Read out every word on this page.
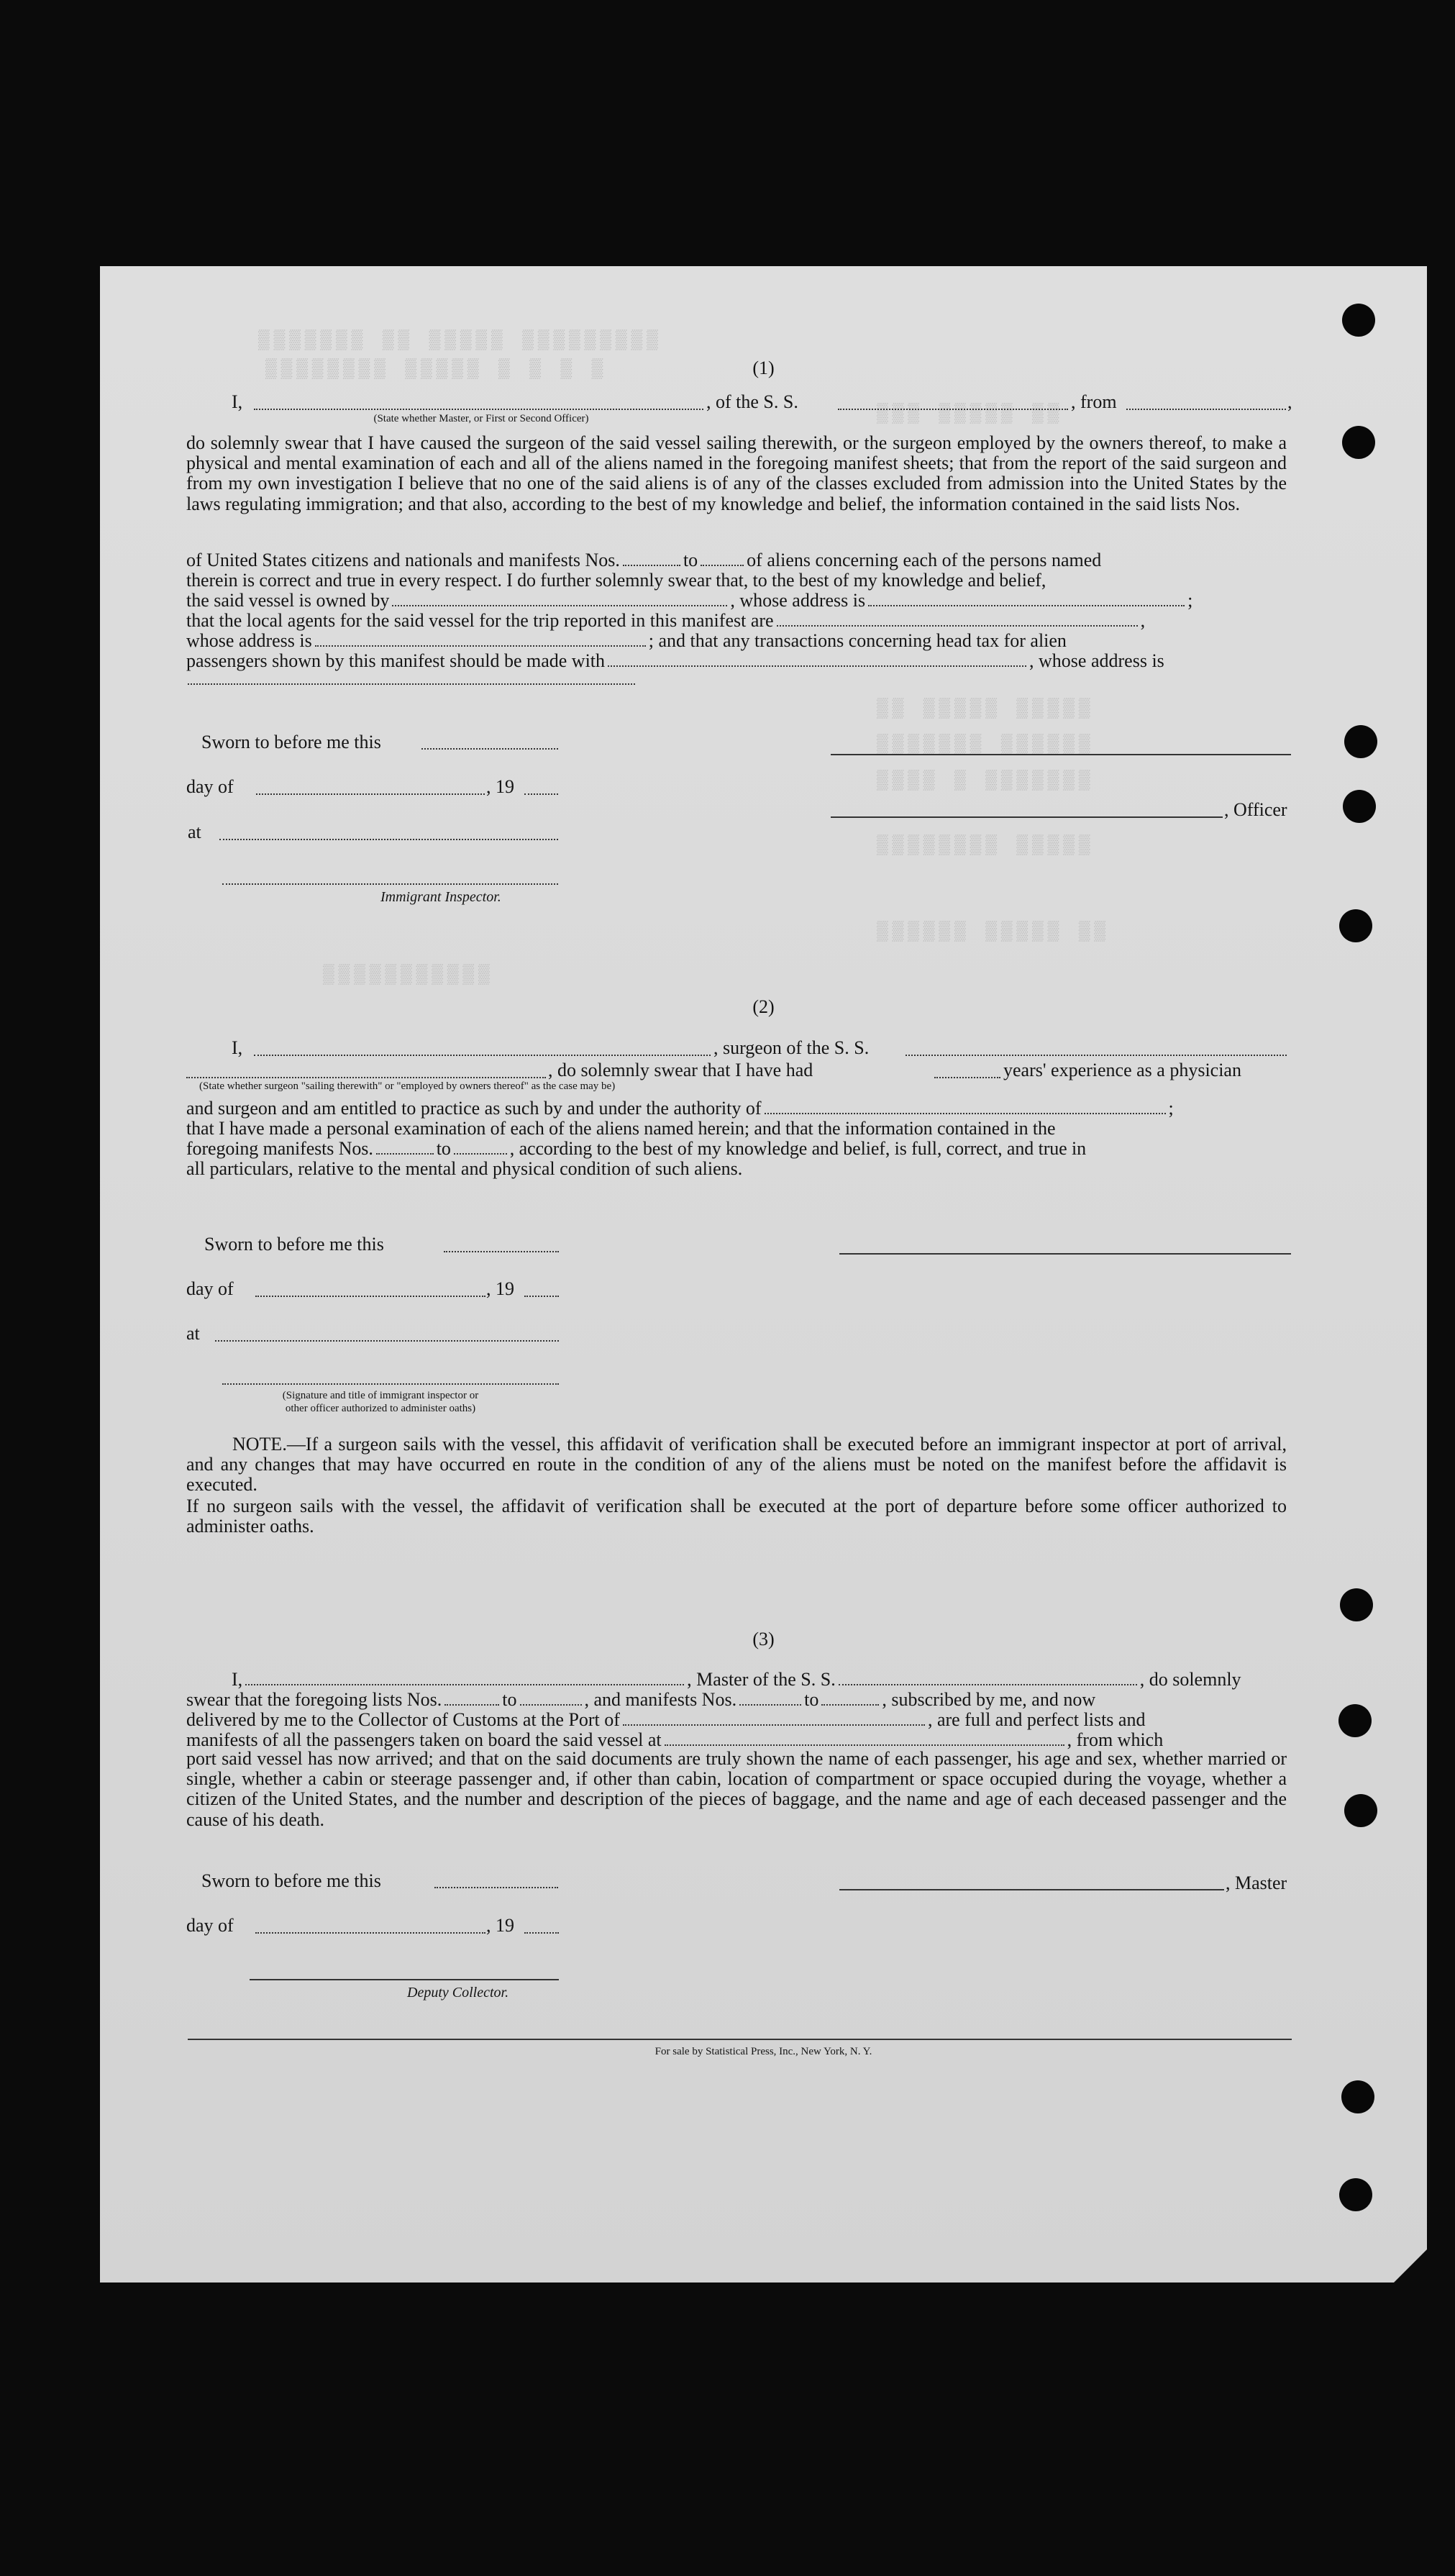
▒▒▒▒▒▒▒ ▒▒ ▒▒▒▒▒ ▒▒▒▒▒▒▒▒▒
▒▒▒▒▒▒▒▒ ▒▒▒▒▒ ▒ ▒ ▒ ▒
▒▒▒ ▒▒▒▒▒ ▒▒
▒▒ ▒▒▒▒▒ ▒▒▒▒▒
▒▒▒▒▒▒▒ ▒▒▒▒▒▒
▒▒▒▒ ▒ ▒▒▒▒▒▒▒
▒▒▒▒▒▒▒▒ ▒▒▒▒▒
▒▒▒▒▒▒ ▒▒▒▒▒ ▒▒
▒▒▒▒▒▒▒▒▒▒▒
(1)
I,	, of the S. S.	, from	,
(State whether Master, or First or Second Officer)
do solemnly swear that I have caused the surgeon of the said vessel sailing therewith, or the surgeon employed by the owners thereof, to make a physical and mental examination of each and all of the aliens named in the foregoing manifest sheets; that from the report of the said surgeon and from my own investigation I believe that no one of the said aliens is of any of the classes excluded from admission into the United States by the laws regulating immigration; and that also, according to the best of my knowledge and belief, the information contained in the said lists Nos.
of United States citizens and nationals and manifests Nos.	to	of aliens concerning each of the persons named
therein is correct and true in every respect. I do further solemnly swear that, to the best of my knowledge and belief,
the said vessel is owned by	, whose address is	;
that the local agents for the said vessel for the trip reported in this manifest are	,
whose address is	; and that any transactions concerning head tax for alien
passengers shown by this manifest should be made with	, whose address is
Sworn to before me this
day of	, 19
at
Immigrant Inspector.
, Officer
(2)
I,	, surgeon of the S. S.
, do solemnly swear that I have had	years' experience as a physician
(State whether surgeon "sailing therewith" or "employed by owners thereof" as the case may be)
and surgeon and am entitled to practice as such by and under the authority of	;
that I have made a personal examination of each of the aliens named herein; and that the information contained in the
foregoing manifests Nos.	to	, according to the best of my knowledge and belief, is full, correct, and true in
all particulars, relative to the mental and physical condition of such aliens.
Sworn to before me this
day of	, 19
at
(Signature and title of immigrant inspector or
other officer authorized to administer oaths)
NOTE.—If a surgeon sails with the vessel, this affidavit of verification shall be executed before an immigrant inspector at port of arrival, and any changes that may have occurred en route in the condition of any of the aliens must be noted on the manifest before the affidavit is executed.
If no surgeon sails with the vessel, the affidavit of verification shall be executed at the port of departure before some officer authorized to administer oaths.
(3)
I,	, Master of the S. S.	, do solemnly
swear that the foregoing lists Nos.	to	, and manifests Nos.	to	, subscribed by me, and now
delivered by me to the Collector of Customs at the Port of	, are full and perfect lists and
manifests of all the passengers taken on board the said vessel at	, from which
port said vessel has now arrived; and that on the said documents are truly shown the name of each passenger, his age and sex, whether married or single, whether a cabin or steerage passenger and, if other than cabin, location of compartment or space occupied during the voyage, whether a citizen of the United States, and the number and description of the pieces of baggage, and the name and age of each deceased passenger and the cause of his death.
Sworn to before me this	, Master
day of	, 19
Deputy Collector.
For sale by Statistical Press, Inc., New York, N. Y.
